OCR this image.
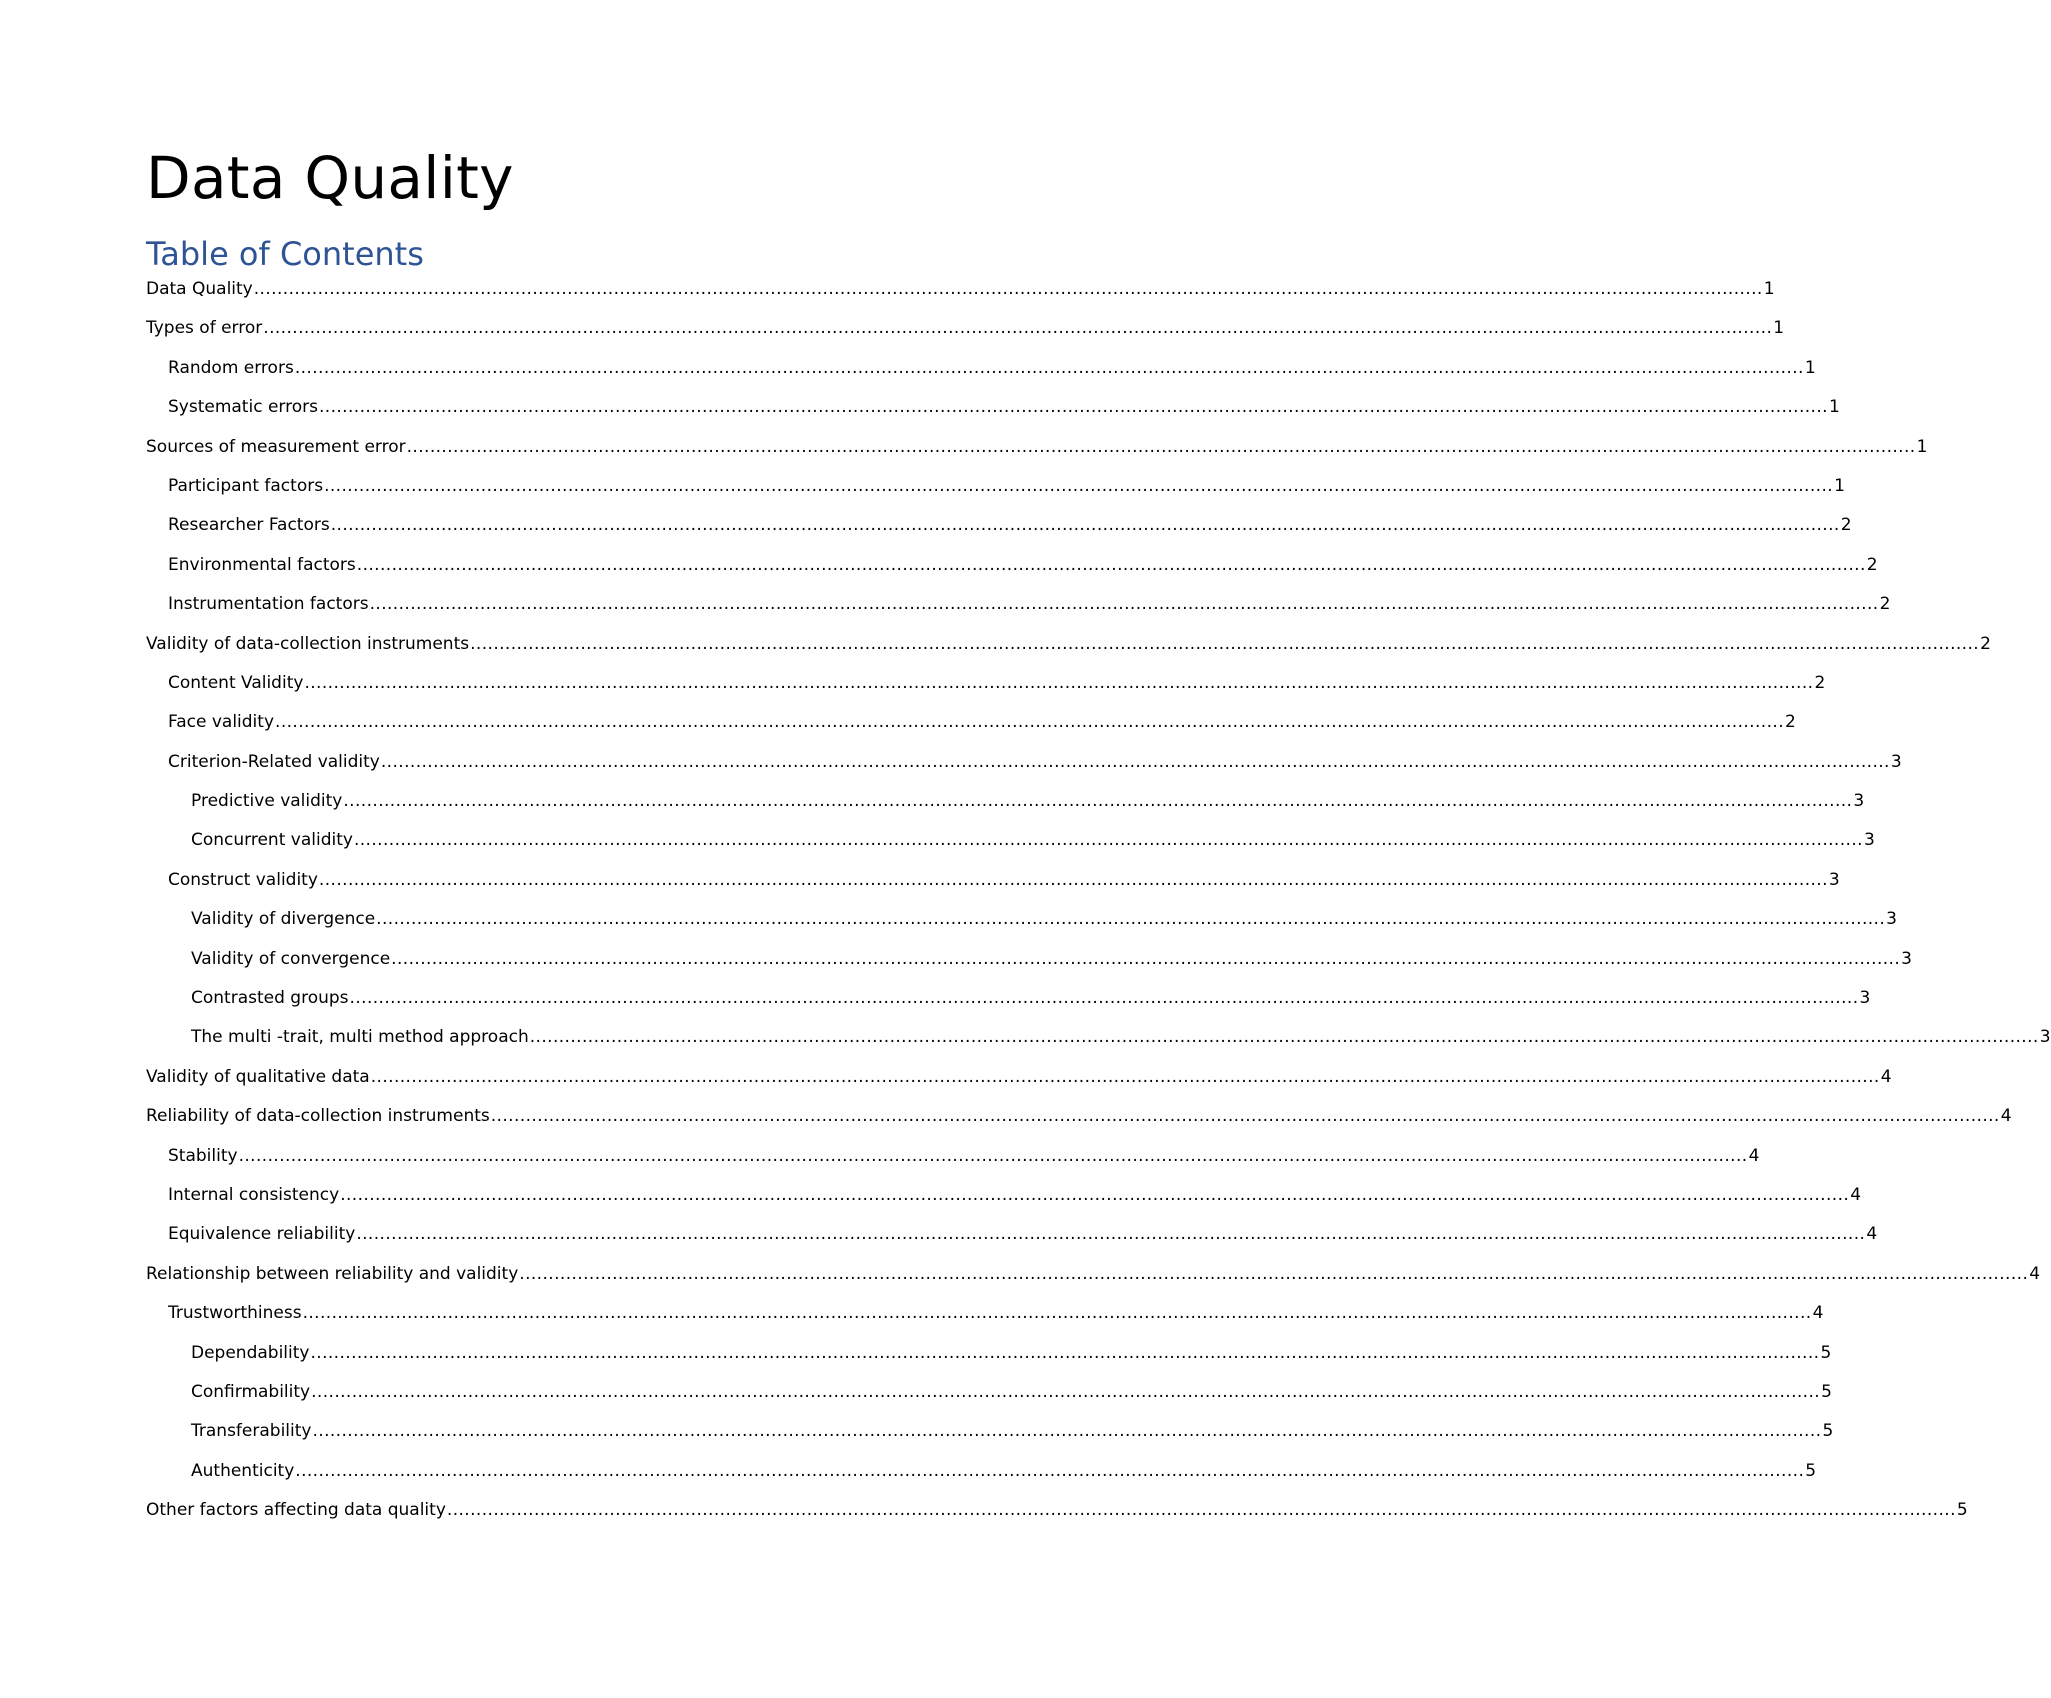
Data Quality
Table of Contents
Data Quality .................................................................................................................................................................................................................................................................... 1
Types of error .................................................................................................................................................................................................................................................................... 1
Random errors .................................................................................................................................................................................................................................................................... 1
Systematic errors .................................................................................................................................................................................................................................................................... 1
Sources of measurement error .................................................................................................................................................................................................................................................................... 1
Participant factors .................................................................................................................................................................................................................................................................... 1
Researcher Factors .................................................................................................................................................................................................................................................................... 2
Environmental factors .................................................................................................................................................................................................................................................................... 2
Instrumentation factors .................................................................................................................................................................................................................................................................... 2
Validity of data-collection instruments .................................................................................................................................................................................................................................................................... 2
Content Validity .................................................................................................................................................................................................................................................................... 2
Face validity .................................................................................................................................................................................................................................................................... 2
Criterion-Related validity .................................................................................................................................................................................................................................................................... 3
Predictive validity .................................................................................................................................................................................................................................................................... 3
Concurrent validity .................................................................................................................................................................................................................................................................... 3
Construct validity .................................................................................................................................................................................................................................................................... 3
Validity of divergence .................................................................................................................................................................................................................................................................... 3
Validity of convergence .................................................................................................................................................................................................................................................................... 3
Contrasted groups .................................................................................................................................................................................................................................................................... 3
The multi -trait, multi method approach .................................................................................................................................................................................................................................................................... 3
Validity of qualitative data .................................................................................................................................................................................................................................................................... 4
Reliability of data-collection instruments .................................................................................................................................................................................................................................................................... 4
Stability .................................................................................................................................................................................................................................................................... 4
Internal consistency .................................................................................................................................................................................................................................................................... 4
Equivalence reliability .................................................................................................................................................................................................................................................................... 4
Relationship between reliability and validity .................................................................................................................................................................................................................................................................... 4
Trustworthiness .................................................................................................................................................................................................................................................................... 4
Dependability .................................................................................................................................................................................................................................................................... 5
Confirmability .................................................................................................................................................................................................................................................................... 5
Transferability .................................................................................................................................................................................................................................................................... 5
Authenticity .................................................................................................................................................................................................................................................................... 5
Other factors affecting data quality .................................................................................................................................................................................................................................................................... 5
